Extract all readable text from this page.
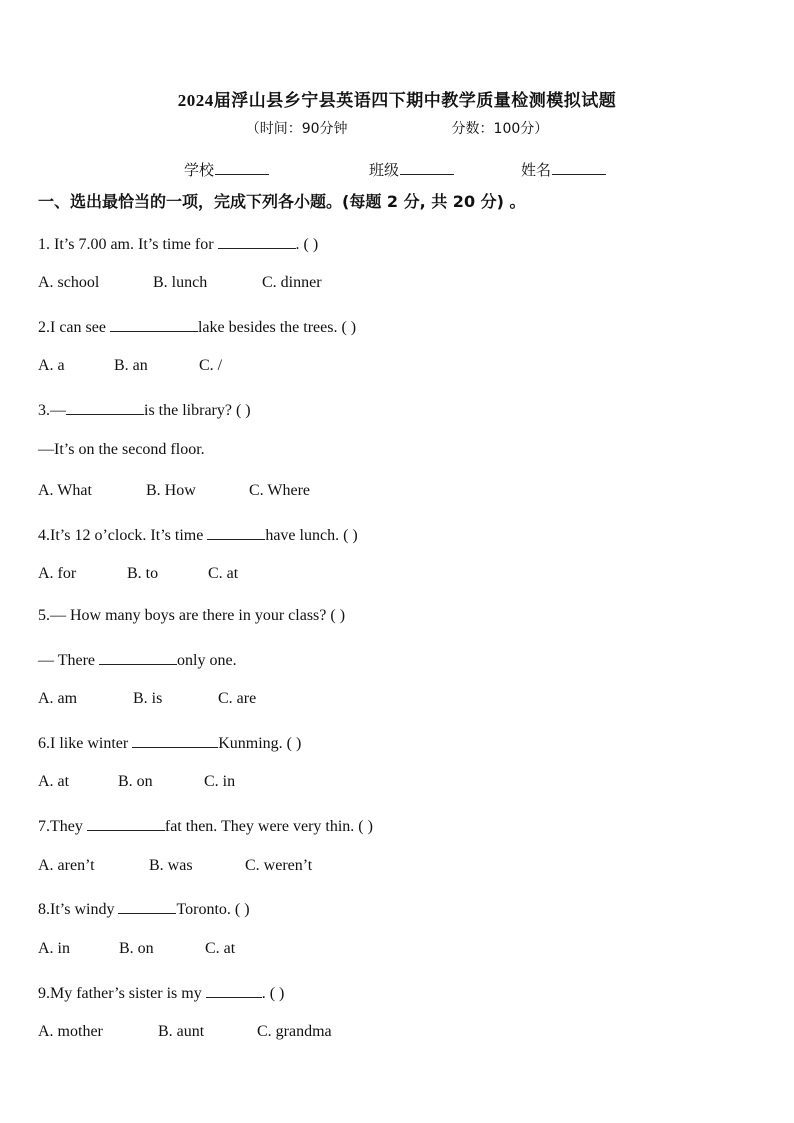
2024届浮山县乡宁县英语四下期中教学质量检测模拟试题
（时间：90分钟	分数：100分）
学校	班级	姓名
一、选出最恰当的一项，完成下列各小题。(每题 2 分, 共 20 分) 。
1. It’s 7.00 am. It’s time for	. ( )
A. school	B. lunch	C. dinner
2.I can see	lake besides the trees. ( )
A. a	B. an	C. /
3.—	is the library? ( )
—It’s on the second floor.
A. What	B. How	C. Where
4.It’s 12 o’clock. It’s time	have lunch. ( )
A. for	B. to	C. at
5.— How many boys are there in your class? ( )
— There	only one.
A. am	B. is	C. are
6.I like winter	Kunming. ( )
A. at	B. on	C. in
7.They	fat then. They were very thin. ( )
A. aren’t	B. was	C. weren’t
8.It’s windy	Toronto. ( )
A. in	B. on	C. at
9.My father’s sister is my	. ( )
A. mother	B. aunt	C. grandma
